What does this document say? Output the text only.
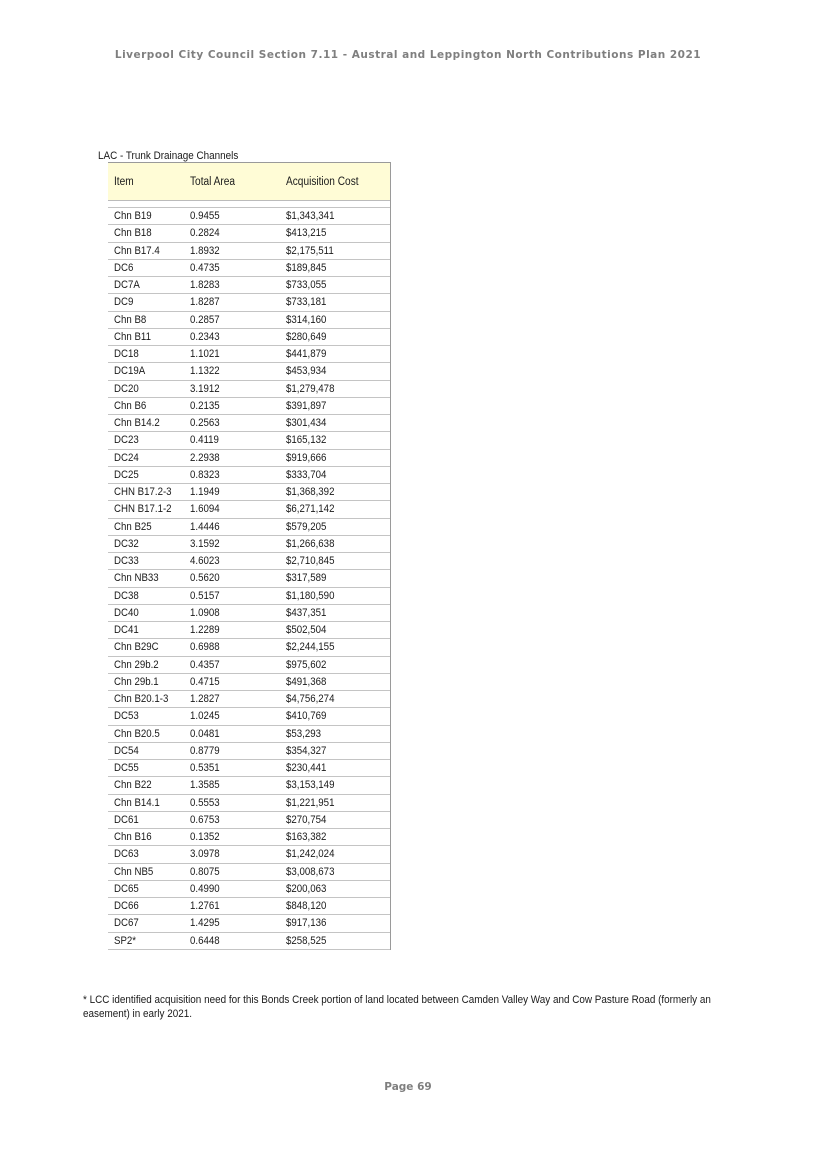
Liverpool City Council Section 7.11 - Austral and Leppington North Contributions Plan 2021
LAC - Trunk Drainage Channels
Item	Total Area	Acquisition Cost
Chn B19	0.9455	$1,343,341
Chn B18	0.2824	$413,215
Chn B17.4	1.8932	$2,175,511
DC6	0.4735	$189,845
DC7A	1.8283	$733,055
DC9	1.8287	$733,181
Chn B8	0.2857	$314,160
Chn B11	0.2343	$280,649
DC18	1.1021	$441,879
DC19A	1.1322	$453,934
DC20	3.1912	$1,279,478
Chn B6	0.2135	$391,897
Chn B14.2	0.2563	$301,434
DC23	0.4119	$165,132
DC24	2.2938	$919,666
DC25	0.8323	$333,704
CHN B17.2-3	1.1949	$1,368,392
CHN B17.1-2	1.6094	$6,271,142
Chn B25	1.4446	$579,205
DC32	3.1592	$1,266,638
DC33	4.6023	$2,710,845
Chn NB33	0.5620	$317,589
DC38	0.5157	$1,180,590
DC40	1.0908	$437,351
DC41	1.2289	$502,504
Chn B29C	0.6988	$2,244,155
Chn 29b.2	0.4357	$975,602
Chn 29b.1	0.4715	$491,368
Chn B20.1-3	1.2827	$4,756,274
DC53	1.0245	$410,769
Chn B20.5	0.0481	$53,293
DC54	0.8779	$354,327
DC55	0.5351	$230,441
Chn B22	1.3585	$3,153,149
Chn B14.1	0.5553	$1,221,951
DC61	0.6753	$270,754
Chn B16	0.1352	$163,382
DC63	3.0978	$1,242,024
Chn NB5	0.8075	$3,008,673
DC65	0.4990	$200,063
DC66	1.2761	$848,120
DC67	1.4295	$917,136
SP2*	0.6448	$258,525
* LCC identified acquisition need for this Bonds Creek portion of land located between Camden Valley Way and Cow Pasture Road (formerly an easement) in early 2021.
Page 69
